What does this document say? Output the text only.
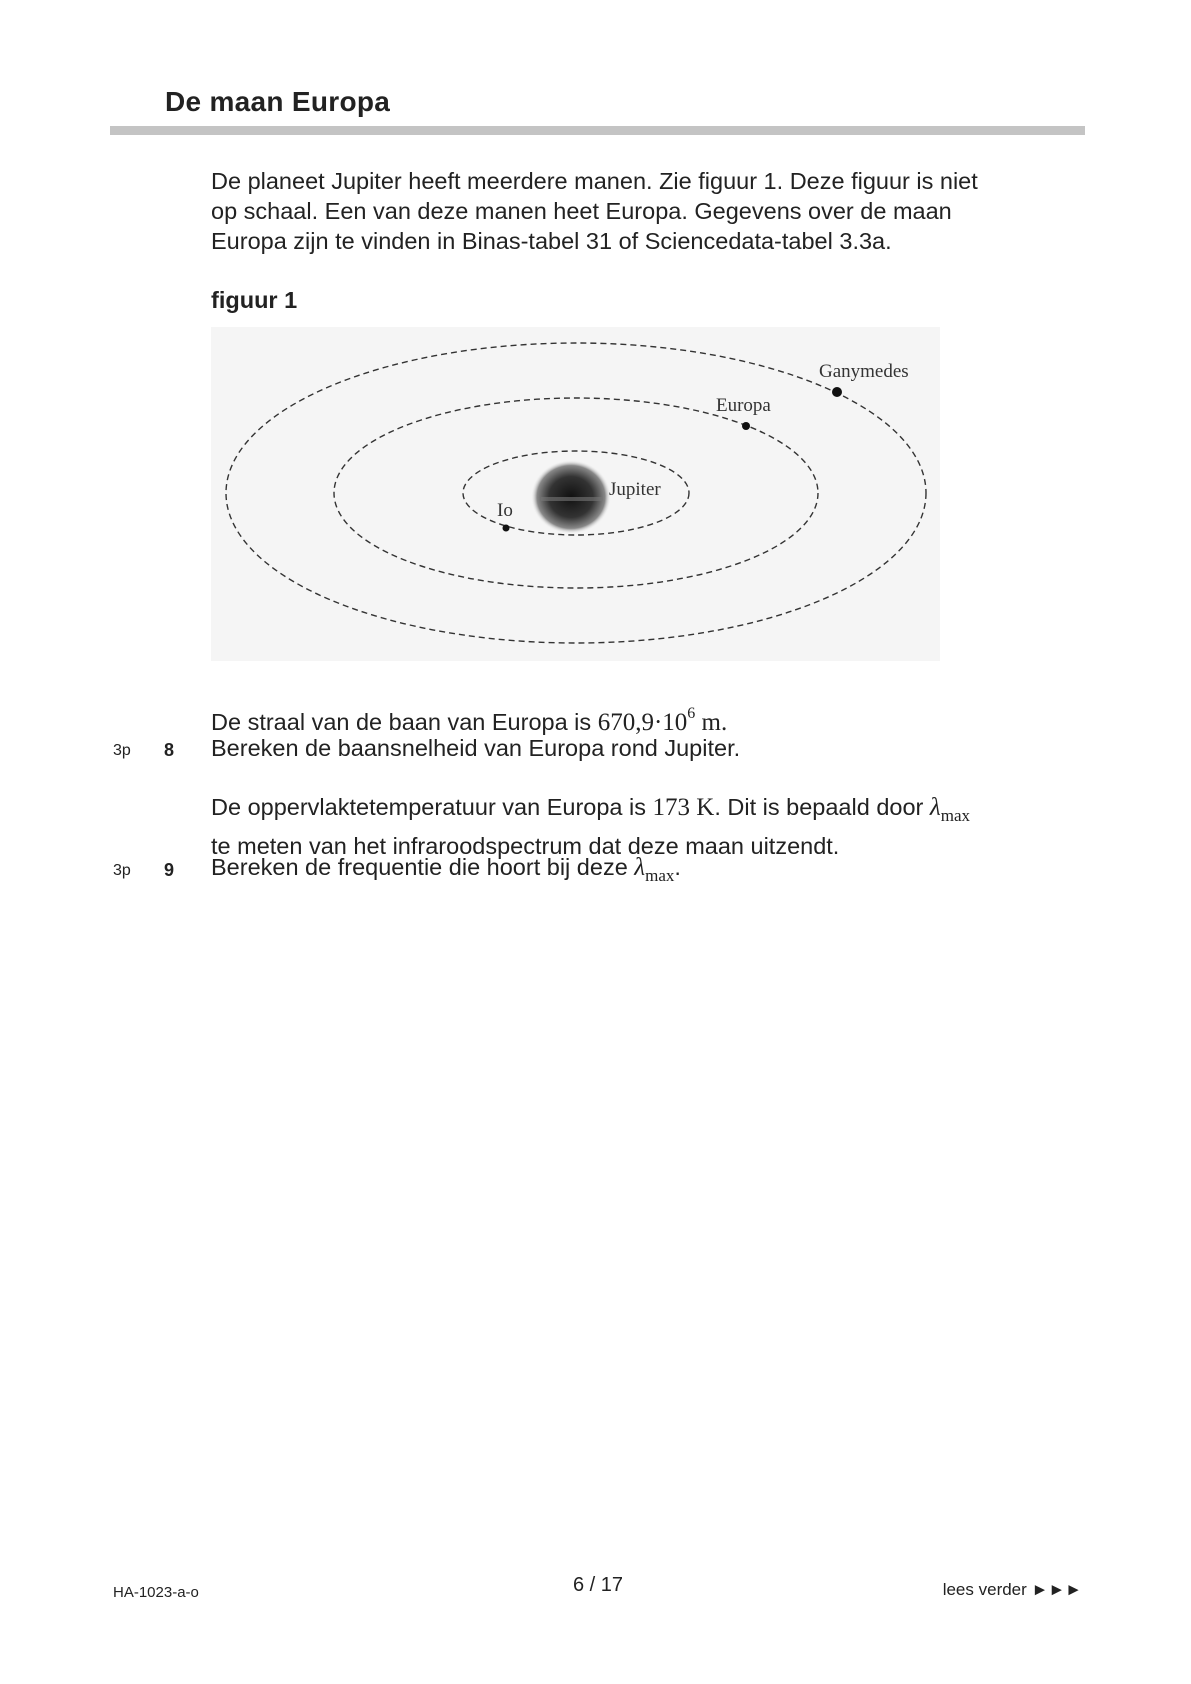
De maan Europa
De planeet Jupiter heeft meerdere manen. Zie figuur 1. Deze figuur is niet
op schaal. Een van deze manen heet Europa. Gegevens over de maan
Europa zijn te vinden in Binas-tabel 31 of Sciencedata-tabel 3.3a.
figuur 1
Jupiter
Io
Europa
Ganymedes
De straal van de baan van Europa is $670,9\cdot 10^6$ m.
3p 8 Bereken de baansnelheid van Europa rond Jupiter.
De oppervlaktetemperatuur van Europa is 173 K. Dit is bepaald door $\lambda_{max}$
te meten van het infraroodspectrum dat deze maan uitzendt.
3p 9 Bereken de frequentie die hoort bij deze $\lambda_{max}$.
HA-1023-a-o	6 / 17	lees verder ►►►
